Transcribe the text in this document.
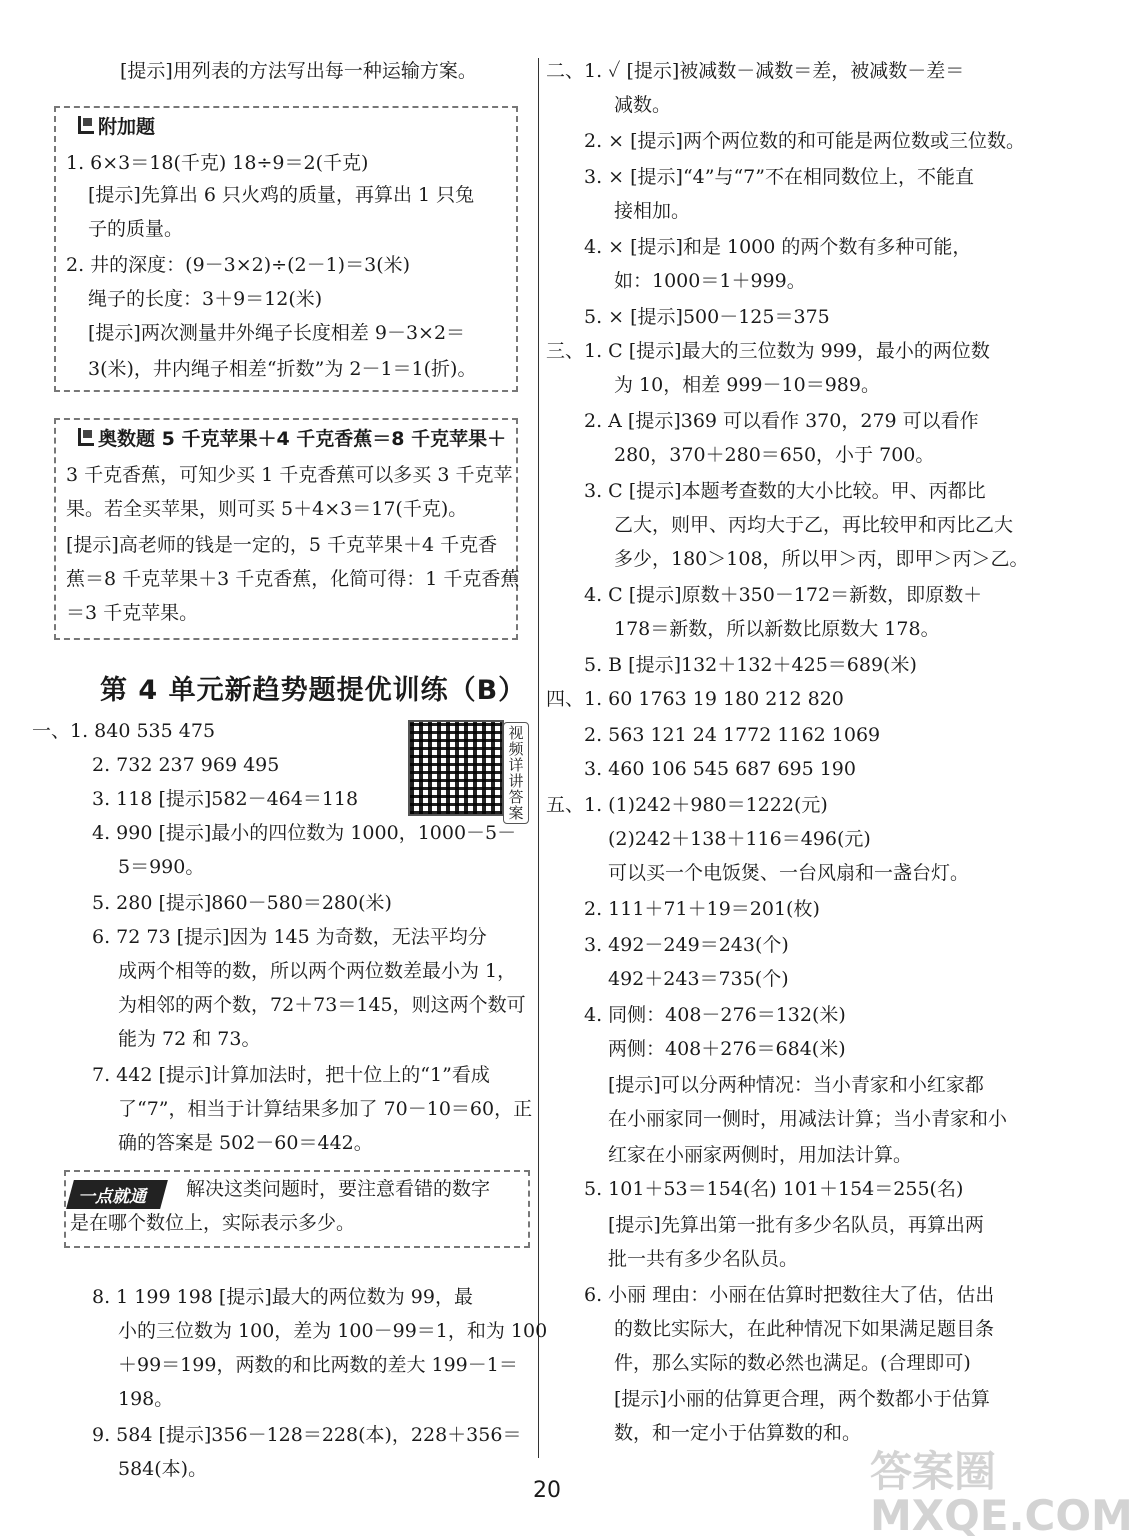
第 4 单元新趋势题提优训练（B）
视频详讲答案
一点就通
[提示]用列表的方法写出每一种运输方案。
附加题
1. 6×3＝18(千克) 18÷9＝2(千克)
[提示]先算出 6 只火鸡的质量，再算出 1 只兔
子的质量。
2. 井的深度：(9－3×2)÷(2－1)＝3(米)
绳子的长度：3＋9＝12(米)
[提示]两次测量井外绳子长度相差 9－3×2＝
3(米)，井内绳子相差“折数”为 2－1＝1(折)。
奥数题 5 千克苹果＋4 千克香蕉＝8 千克苹果＋
3 千克香蕉，可知少买 1 千克香蕉可以多买 3 千克苹
果。若全买苹果，则可买 5＋4×3＝17(千克)。
[提示]高老师的钱是一定的，5 千克苹果＋4 千克香
蕉＝8 千克苹果＋3 千克香蕉，化简可得：1 千克香蕉
＝3 千克苹果。
一、1. 840 535 475
2. 732 237 969 495
3. 118 [提示]582－464＝118
4. 990 [提示]最小的四位数为 1000，1000－5－
5＝990。
5. 280 [提示]860－580＝280(米)
6. 72 73 [提示]因为 145 为奇数，无法平均分
成两个相等的数，所以两个两位数差最小为 1，
为相邻的两个数，72＋73＝145，则这两个数可
能为 72 和 73。
7. 442 [提示]计算加法时，把十位上的“1”看成
了“7”，相当于计算结果多加了 70－10＝60，正
确的答案是 502－60＝442。
解决这类问题时，要注意看错的数字
是在哪个数位上，实际表示多少。
8. 1 199 198 [提示]最大的两位数为 99，最
小的三位数为 100，差为 100－99＝1，和为 100
＋99＝199，两数的和比两数的差大 199－1＝
198。
9. 584 [提示]356－128＝228(本)，228＋356＝
584(本)。
二、1. ✓ [提示]被减数－减数＝差，被减数－差＝
减数。
2. × [提示]两个两位数的和可能是两位数或三位数。
3. × [提示]“4”与“7”不在相同数位上，不能直
接相加。
4. × [提示]和是 1000 的两个数有多种可能，
如：1000＝1＋999。
5. × [提示]500－125＝375
三、1. C [提示]最大的三位数为 999，最小的两位数
为 10，相差 999－10＝989。
2. A [提示]369 可以看作 370，279 可以看作
280，370＋280＝650，小于 700。
3. C [提示]本题考查数的大小比较。甲、丙都比
乙大，则甲、丙均大于乙，再比较甲和丙比乙大
多少，180＞108，所以甲＞丙，即甲＞丙＞乙。
4. C [提示]原数＋350－172＝新数，即原数＋
178＝新数，所以新数比原数大 178。
5. B [提示]132＋132＋425＝689(米)
四、1. 60 1763 19 180 212 820
2. 563 121 24 1772 1162 1069
3. 460 106 545 687 695 190
五、1. (1)242＋980＝1222(元)
(2)242＋138＋116＝496(元)
可以买一个电饭煲、一台风扇和一盏台灯。
2. 111＋71＋19＝201(枚)
3. 492－249＝243(个)
492＋243＝735(个)
4. 同侧：408－276＝132(米)
两侧：408＋276＝684(米)
[提示]可以分两种情况：当小青家和小红家都
在小丽家同一侧时，用减法计算；当小青家和小
红家在小丽家两侧时，用加法计算。
5. 101＋53＝154(名) 101＋154＝255(名)
[提示]先算出第一批有多少名队员，再算出两
批一共有多少名队员。
6. 小丽 理由：小丽在估算时把数往大了估，估出
的数比实际大，在此种情况下如果满足题目条
件，那么实际的数必然也满足。(合理即可)
[提示]小丽的估算更合理，两个数都小于估算
数，和一定小于估算数的和。
20	答案圈 MXQE.COM
